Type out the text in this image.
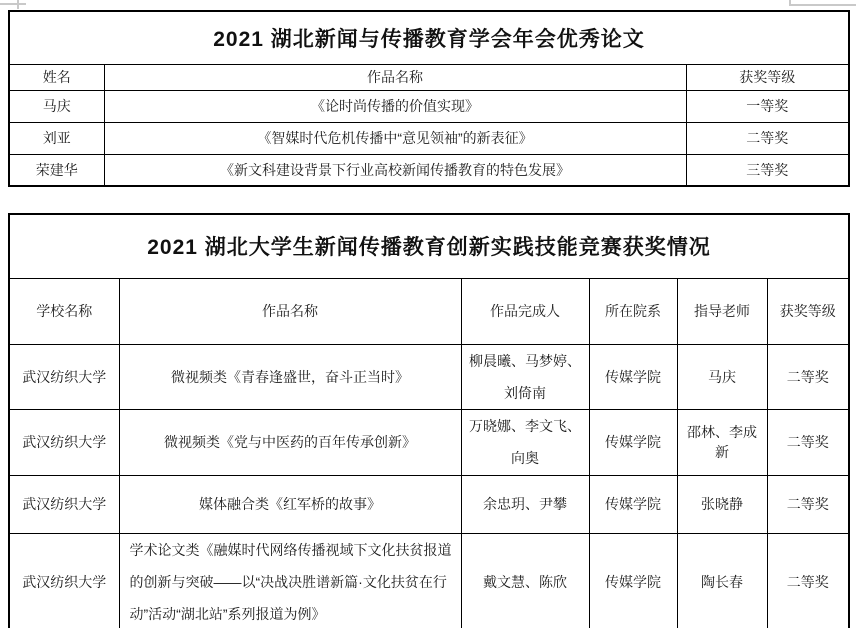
2021 湖北新闻与传播教育学会年会优秀论文		
姓名	作品名称	获奖等级
马庆	《论时尚传播的价值实现》	一等奖
刘亚	《智媒时代危机传播中“意见领袖”的新表征》	二等奖
荣建华	《新文科建设背景下行业高校新闻传播教育的特色发展》	三等奖
2021 湖北大学生新闻传播教育创新实践技能竞赛获奖情况					
学校名称	作品名称	作品完成人	所在院系	指导老师	获奖等级
武汉纺织大学	微视频类《青春逢盛世，奋斗正当时》	柳晨曦、马梦婷、刘倚南	传媒学院	马庆	二等奖
武汉纺织大学	微视频类《党与中医药的百年传承创新》	万晓娜、李文飞、向奥	传媒学院	邵林、李成新	二等奖
武汉纺织大学	媒体融合类《红军桥的故事》	余忠玥、尹攀	传媒学院	张晓静	二等奖
武汉纺织大学	学术论文类《融媒时代网络传播视域下文化扶贫报道的创新与突破——以“决战决胜谱新篇·文化扶贫在行动”活动“湖北站”系列报道为例》	戴文慧、陈欣	传媒学院	陶长春	二等奖
